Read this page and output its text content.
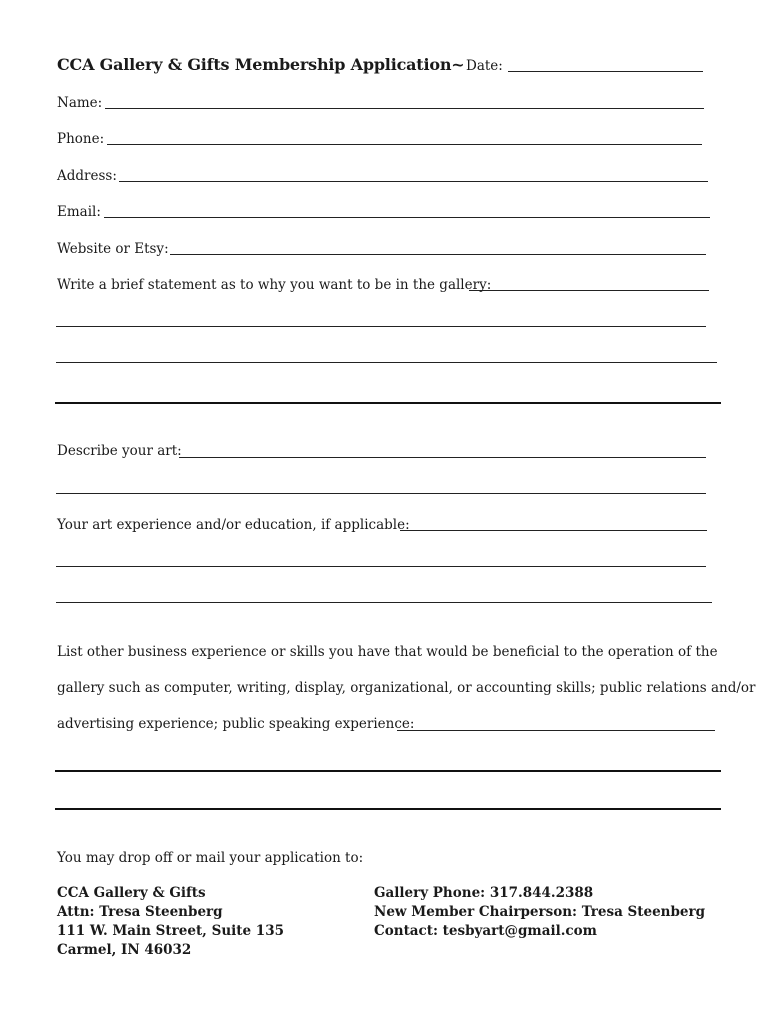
CCA Gallery & Gifts Membership Application~ Date:
Name:
Phone:
Address:
Email:
Website or Etsy:
Write a brief statement as to why you want to be in the gallery:
Describe your art:
Your art experience and/or education, if applicable:
List other business experience or skills you have that would be beneficial to the operation of the
gallery such as computer, writing, display, organizational, or accounting skills; public relations and/or
advertising experience; public speaking experience:
You may drop off or mail your application to:
CCA Gallery & Gifts
Attn: Tresa Steenberg
111 W. Main Street, Suite 135
Carmel, IN 46032
Gallery Phone: 317.844.2388
New Member Chairperson: Tresa Steenberg
Contact: tesbyart@gmail.com
